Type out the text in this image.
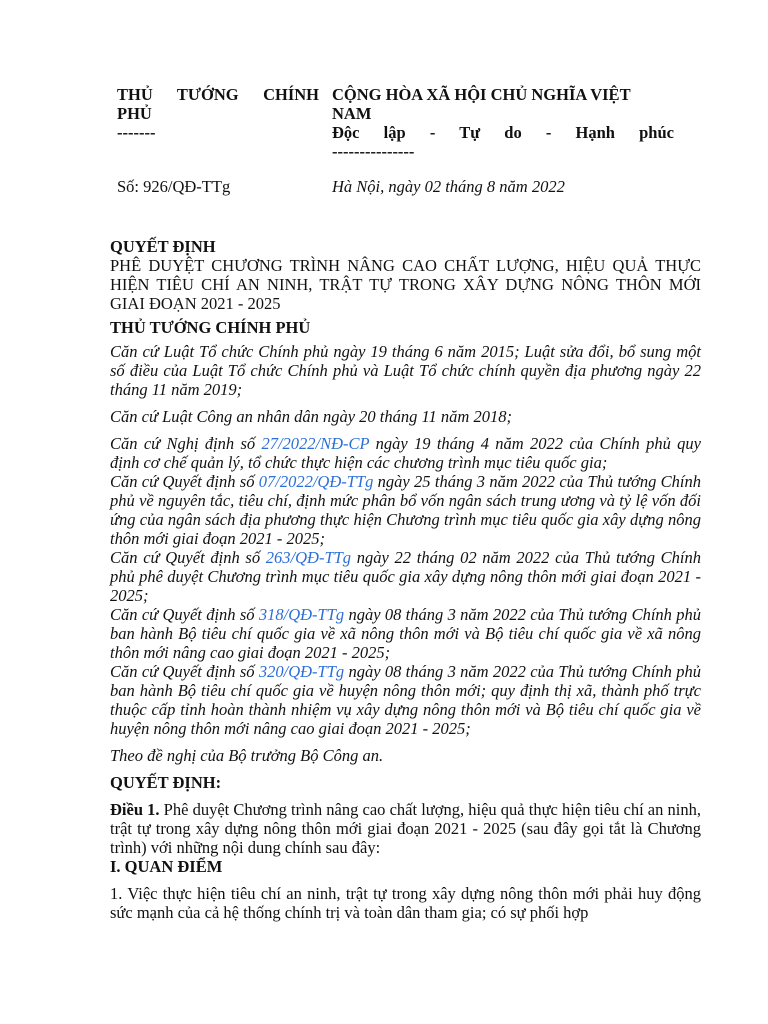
THỦ TƯỚNG CHÍNH
PHỦ
-------
CỘNG HÒA XÃ HỘI CHỦ NGHĨA VIỆT
NAM
Độc lập - Tự do - Hạnh phúc
---------------
Số: 926/QĐ-TTg	Hà Nội, ngày 02 tháng 8 năm 2022

QUYẾT ĐỊNH

PHÊ DUYỆT CHƯƠNG TRÌNH NÂNG CAO CHẤT LƯỢNG, HIỆU QUẢ THỰC HIỆN TIÊU CHÍ AN NINH, TRẬT TỰ TRONG XÂY DỰNG NÔNG THÔN MỚI GIAI ĐOẠN 2021 - 2025

THỦ TƯỚNG CHÍNH PHỦ

Căn cứ Luật Tổ chức Chính phủ ngày 19 tháng 6 năm 2015; Luật sửa đổi, bổ sung một số điều của Luật Tổ chức Chính phủ và Luật Tổ chức chính quyền địa phương ngày 22 tháng 11 năm 2019;

Căn cứ Luật Công an nhân dân ngày 20 tháng 11 năm 2018;

Căn cứ Nghị định số 27/2022/NĐ-CP ngày 19 tháng 4 năm 2022 của Chính phủ quy định cơ chế quản lý, tổ chức thực hiện các chương trình mục tiêu quốc gia;

Căn cứ Quyết định số 07/2022/QĐ-TTg ngày 25 tháng 3 năm 2022 của Thủ tướng Chính phủ về nguyên tắc, tiêu chí, định mức phân bổ vốn ngân sách trung ương và tỷ lệ vốn đối ứng của ngân sách địa phương thực hiện Chương trình mục tiêu quốc gia xây dựng nông thôn mới giai đoạn 2021 - 2025;

Căn cứ Quyết định số 263/QĐ-TTg ngày 22 tháng 02 năm 2022 của Thủ tướng Chính phủ phê duyệt Chương trình mục tiêu quốc gia xây dựng nông thôn mới giai đoạn 2021 - 2025;

Căn cứ Quyết định số 318/QĐ-TTg ngày 08 tháng 3 năm 2022 của Thủ tướng Chính phủ ban hành Bộ tiêu chí quốc gia về xã nông thôn mới và Bộ tiêu chí quốc gia về xã nông thôn mới nâng cao giai đoạn 2021 - 2025;

Căn cứ Quyết định số 320/QĐ-TTg ngày 08 tháng 3 năm 2022 của Thủ tướng Chính phủ ban hành Bộ tiêu chí quốc gia về huyện nông thôn mới; quy định thị xã, thành phố trực thuộc cấp tỉnh hoàn thành nhiệm vụ xây dựng nông thôn mới và Bộ tiêu chí quốc gia về huyện nông thôn mới nâng cao giai đoạn 2021 - 2025;

Theo đề nghị của Bộ trưởng Bộ Công an.

QUYẾT ĐỊNH:

Điều 1. Phê duyệt Chương trình nâng cao chất lượng, hiệu quả thực hiện tiêu chí an ninh, trật tự trong xây dựng nông thôn mới giai đoạn 2021 - 2025 (sau đây gọi tắt là Chương trình) với những nội dung chính sau đây:

I. QUAN ĐIỂM

1. Việc thực hiện tiêu chí an ninh, trật tự trong xây dựng nông thôn mới phải huy động sức mạnh của cả hệ thống chính trị và toàn dân tham gia; có sự phối hợp
